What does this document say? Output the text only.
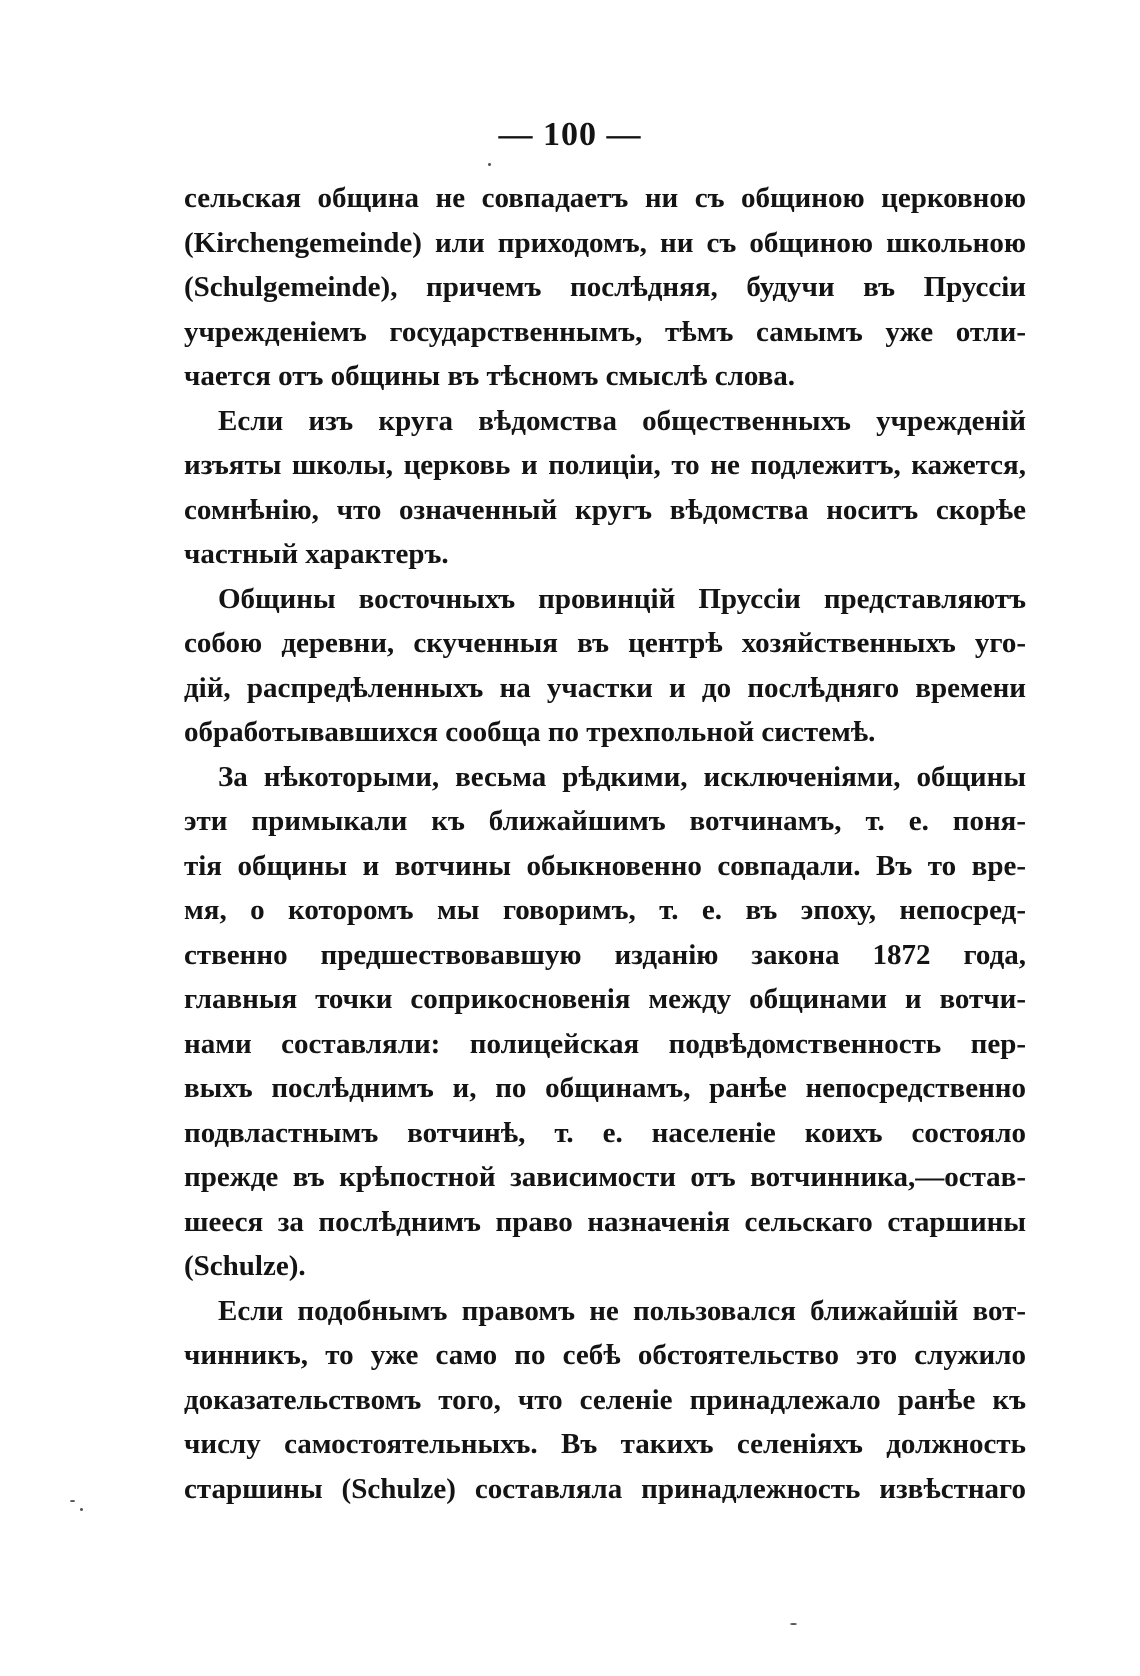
— 100 —
сельская община не совпадаетъ ни съ общиною церковною
(Kirchengemeinde) или приходомъ, ни съ общиною школьною
(Schulgemeinde), причемъ послѣдняя, будучи въ Пруссіи
учрежденіемъ государственнымъ, тѣмъ самымъ уже отли-
чается отъ общины въ тѣсномъ смыслѣ слова.
Если изъ круга вѣдомства общественныхъ учрежденій
изъяты школы, церковь и полиціи, то не подлежитъ, кажется,
сомнѣнію, что означенный кругъ вѣдомства носитъ скорѣе
частный характеръ.
Общины восточныхъ провинцій Пруссіи представляютъ
собою деревни, скученныя въ центрѣ хозяйственныхъ уго-
дій, распредѣленныхъ на участки и до послѣдняго времени
обработывавшихся сообща по трехпольной системѣ.
За нѣкоторыми, весьма рѣдкими, исключеніями, общины
эти примыкали къ ближайшимъ вотчинамъ, т. е. поня-
тія общины и вотчины обыкновенно совпадали. Въ то вре-
мя, о которомъ мы говоримъ, т. е. въ эпоху, непосред-
ственно предшествовавшую изданію закона 1872 года,
главныя точки соприкосновенія между общинами и вотчи-
нами составляли: полицейская подвѣдомственность пер-
выхъ послѣднимъ и, по общинамъ, ранѣе непосредственно
подвластнымъ вотчинѣ, т. е. населеніе коихъ состояло
прежде въ крѣпостной зависимости отъ вотчинника,—остав-
шееся за послѣднимъ право назначенія сельскаго старшины
(Schulze).
Если подобнымъ правомъ не пользовался ближайшій вот-
чинникъ, то уже само по себѣ обстоятельство это служило
доказательствомъ того, что селеніе принадлежало ранѣе къ
числу самостоятельныхъ. Въ такихъ селеніяхъ должность
старшины (Schulze) составляла принадлежность извѣстнаго
